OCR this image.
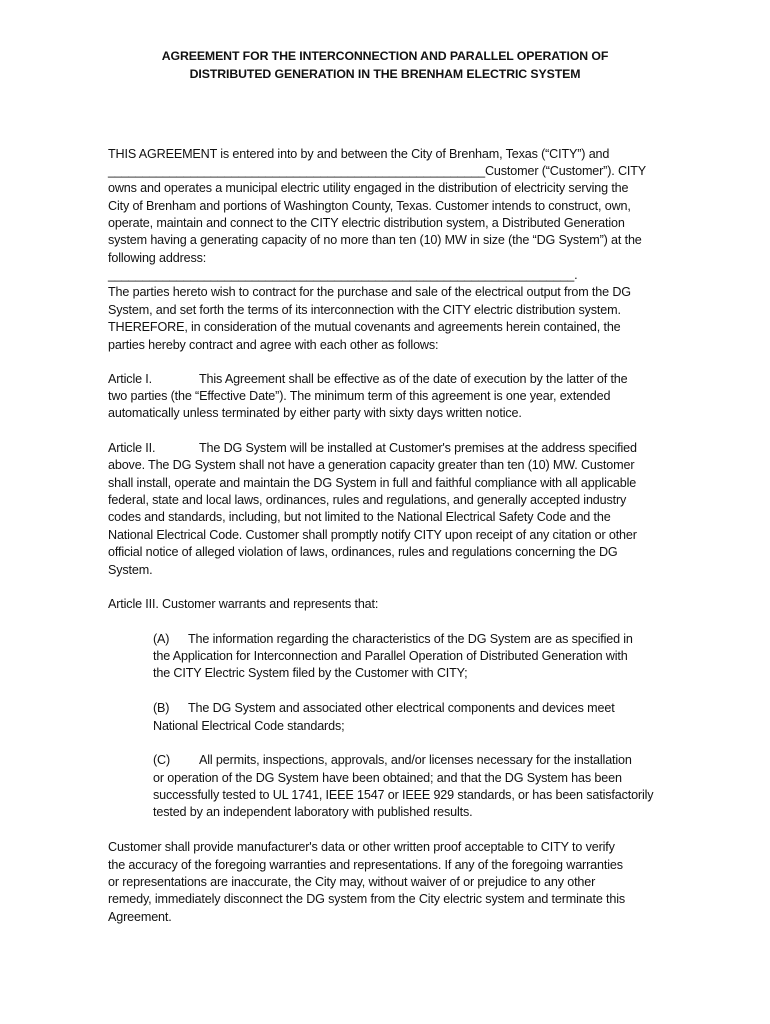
AGREEMENT FOR THE INTERCONNECTION AND PARALLEL OPERATION OF
DISTRIBUTED GENERATION IN THE BRENHAM ELECTRIC SYSTEM
THIS AGREEMENT is entered into by and between the City of Brenham, Texas (“CITY”) and
_______________________________________________________Customer (“Customer”). CITY
owns and operates a municipal electric utility engaged in the distribution of electricity serving the
City of Brenham and portions of Washington County, Texas. Customer intends to construct, own,
operate, maintain and connect to the CITY electric distribution system, a Distributed Generation
system having a generating capacity of no more than ten (10) MW in size (the “DG System”) at the
following address:
____________________________________________________________________.
The parties hereto wish to contract for the purchase and sale of the electrical output from the DG
System, and set forth the terms of its interconnection with the CITY electric distribution system.
THEREFORE, in consideration of the mutual covenants and agreements herein contained, the
parties hereby contract and agree with each other as follows:
Article I.	This Agreement shall be effective as of the date of execution by the latter of the
two parties (the “Effective Date”). The minimum term of this agreement is one year, extended
automatically unless terminated by either party with sixty days written notice.
Article II.	The DG System will be installed at Customer's premises at the address specified
above. The DG System shall not have a generation capacity greater than ten (10) MW. Customer
shall install, operate and maintain the DG System in full and faithful compliance with all applicable
federal, state and local laws, ordinances, rules and regulations, and generally accepted industry
codes and standards, including, but not limited to the National Electrical Safety Code and the
National Electrical Code. Customer shall promptly notify CITY upon receipt of any citation or other
official notice of alleged violation of laws, ordinances, rules and regulations concerning the DG
System.
Article III. Customer warrants and represents that:
(A) The information regarding the characteristics of the DG System are as specified in
the Application for Interconnection and Parallel Operation of Distributed Generation with
the CITY Electric System filed by the Customer with CITY;
(B) The DG System and associated other electrical components and devices meet
National Electrical Code standards;
(C) All permits, inspections, approvals, and/or licenses necessary for the installation
or operation of the DG System have been obtained; and that the DG System has been
successfully tested to UL 1741, IEEE 1547 or IEEE 929 standards, or has been satisfactorily
tested by an independent laboratory with published results.
Customer shall provide manufacturer's data or other written proof acceptable to CITY to verify
the accuracy of the foregoing warranties and representations. If any of the foregoing warranties
or representations are inaccurate, the City may, without waiver of or prejudice to any other
remedy, immediately disconnect the DG system from the City electric system and terminate this
Agreement.
